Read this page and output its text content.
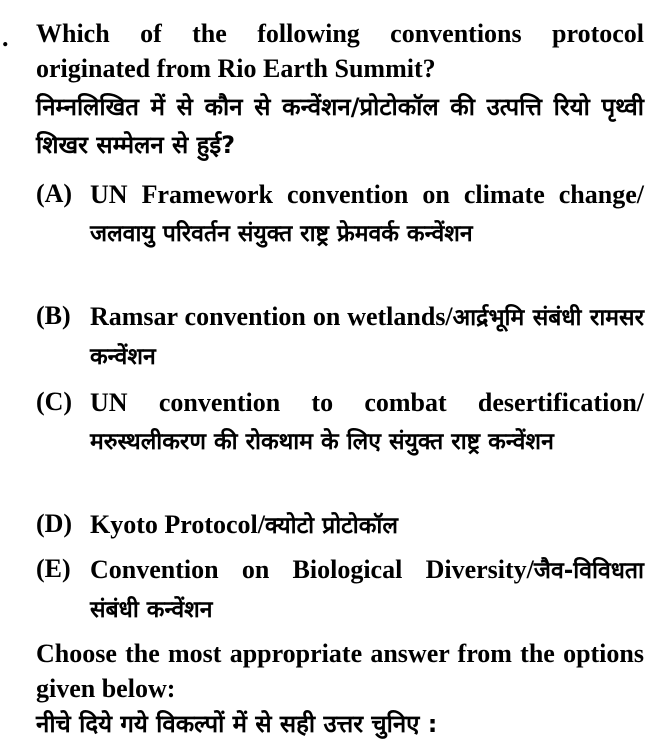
. Which of the following conventions protocol originated from Rio Earth Summit?

निम्नलिखित में से कौन से कन्वेंशन/प्रोटोकॉल की उत्पत्ति रियो पृथ्वी शिखर सम्मेलन से हुई?

(A) UN Framework convention on climate change/जलवायु परिवर्तन संयुक्त राष्ट्र फ्रेमवर्क कन्वेंशन
(B) Ramsar convention on wetlands/आर्द्रभूमि संबंधी रामसर कन्वेंशन
(C) UN convention to combat desertification/मरुस्थलीकरण की रोकथाम के लिए संयुक्त राष्ट्र कन्वेंशन
(D) Kyoto Protocol/क्योटो प्रोटोकॉल
(E) Convention on Biological Diversity/जैव-विविधता संबंधी कन्वेंशन

Choose the most appropriate answer from the options given below:

नीचे दिये गये विकल्पों में से सही उत्तर चुनिए :
